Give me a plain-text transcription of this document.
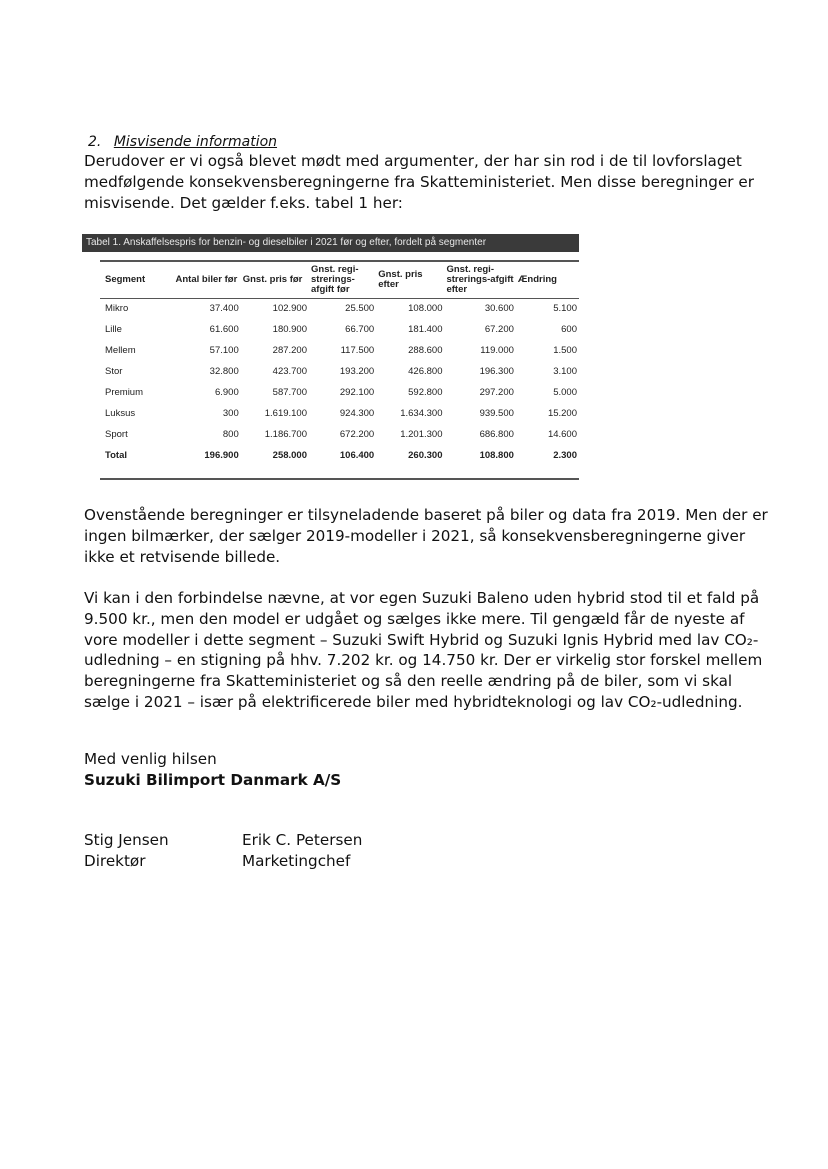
2. Misvisende information

Derudover er vi også blevet mødt med argumenter, der har sin rod i de til lovforslaget medfølgende konsekvensberegningerne fra Skatteministeriet. Men disse beregninger er misvisende. Det gælder f.eks. tabel 1 her:

Tabel 1. Anskaffelsespris for benzin- og dieselbiler i 2021 før og efter, fordelt på segmenter
Segment	Antal biler før	Gnst. pris før	Gnst. regi-strerings-afgift før	Gnst. pris efter	Gnst. regi-strerings-afgift efter	Ændring
Mikro	37.400	102.900	25.500	108.000	30.600	5.100
Lille	61.600	180.900	66.700	181.400	67.200	600
Mellem	57.100	287.200	117.500	288.600	119.000	1.500
Stor	32.800	423.700	193.200	426.800	196.300	3.100
Premium	6.900	587.700	292.100	592.800	297.200	5.000
Luksus	300	1.619.100	924.300	1.634.300	939.500	15.200
Sport	800	1.186.700	672.200	1.201.300	686.800	14.600
Total	196.900	258.000	106.400	260.300	108.800	2.300

Ovenstående beregninger er tilsyneladende baseret på biler og data fra 2019. Men der er ingen bilmærker, der sælger 2019-modeller i 2021, så konsekvensberegningerne giver ikke et retvisende billede.

Vi kan i den forbindelse nævne, at vor egen Suzuki Baleno uden hybrid stod til et fald på 9.500 kr., men den model er udgået og sælges ikke mere. Til gengæld får de nyeste af vore modeller i dette segment – Suzuki Swift Hybrid og Suzuki Ignis Hybrid med lav CO₂-udledning – en stigning på hhv. 7.202 kr. og 14.750 kr. Der er virkelig stor forskel mellem beregningerne fra Skatteministeriet og så den reelle ændring på de biler, som vi skal sælge i 2021 – især på elektrificerede biler med hybridteknologi og lav CO₂-udledning.

Med venlig hilsen
Suzuki Bilimport Danmark A/S
Stig Jensen
Direktør
Erik C. Petersen
Marketingchef
